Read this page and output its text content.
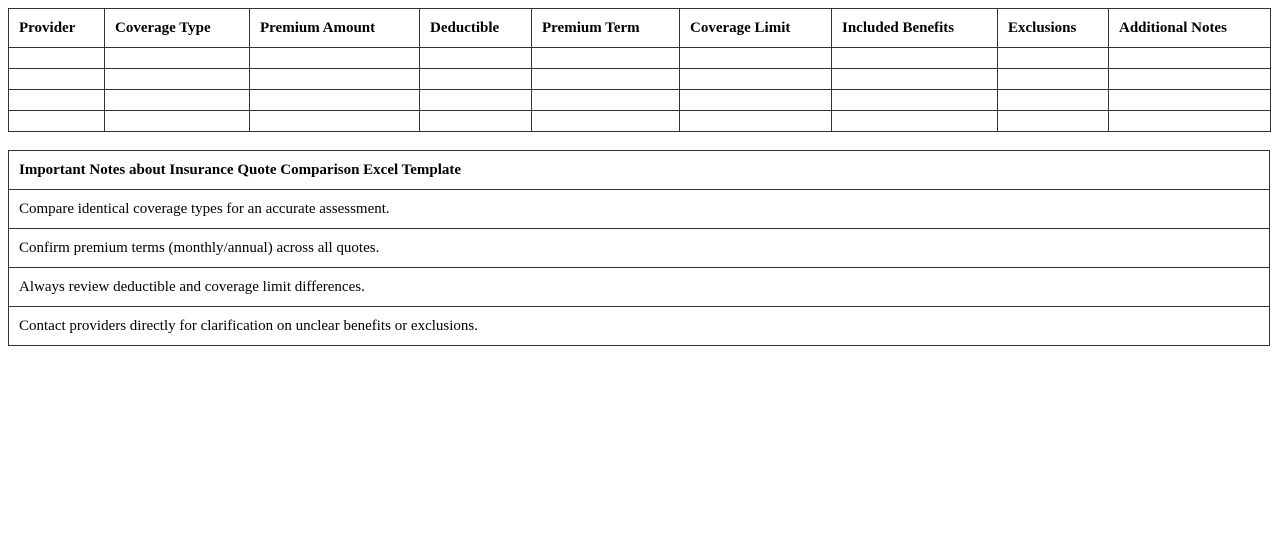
Provider	Coverage Type	Premium Amount	Deductible	Premium Term	Coverage Limit	Included Benefits	Exclusions	Additional Notes

Important Notes about Insurance Quote Comparison Excel Template
Compare identical coverage types for an accurate assessment.
Confirm premium terms (monthly/annual) across all quotes.
Always review deductible and coverage limit differences.
Contact providers directly for clarification on unclear benefits or exclusions.
